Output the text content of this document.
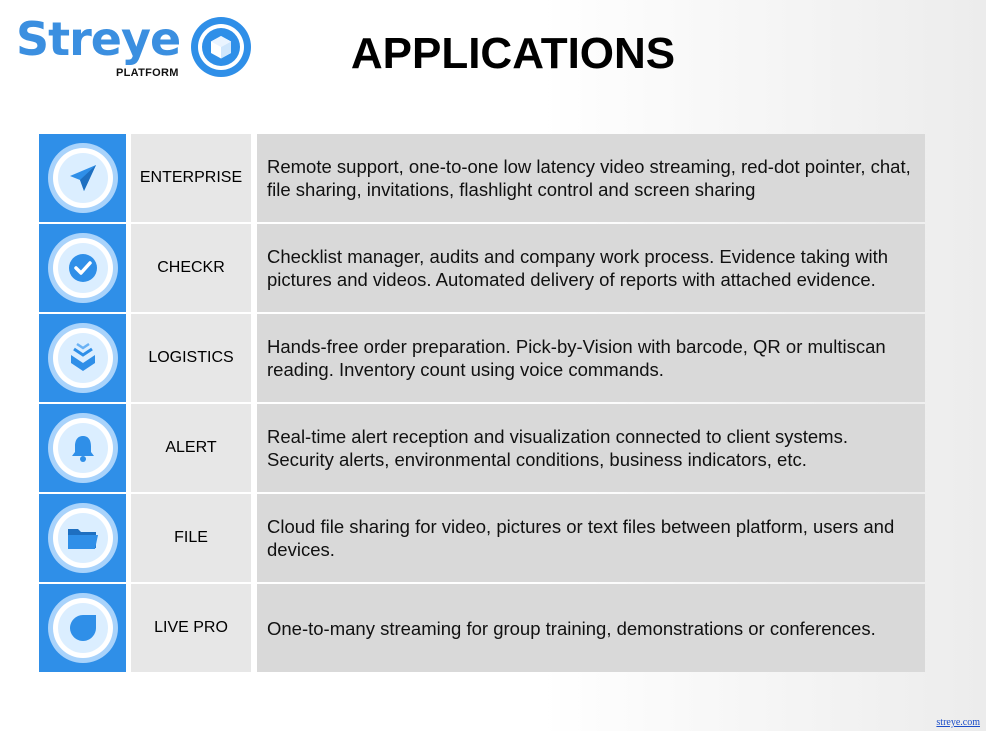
Streye
PLATFORM	APPLICATIONS
ENTERPRISE
Remote support, one-to-one low latency video streaming, red-dot pointer, chat, file sharing, invitations, flashlight control and screen sharing
CHECKR
Checklist manager, audits and company work process. Evidence taking with pictures and videos. Automated delivery of reports with attached evidence.
LOGISTICS
Hands-free order preparation. Pick-by-Vision with barcode, QR or multiscan reading. Inventory count using voice commands.
ALERT
Real-time alert reception and visualization connected to client systems. Security alerts, environmental conditions, business indicators, etc.
FILE
Cloud file sharing for video, pictures or text files between platform, users and devices.
LIVE PRO	One-to-many streaming for group training, demonstrations or conferences.
streye.com
